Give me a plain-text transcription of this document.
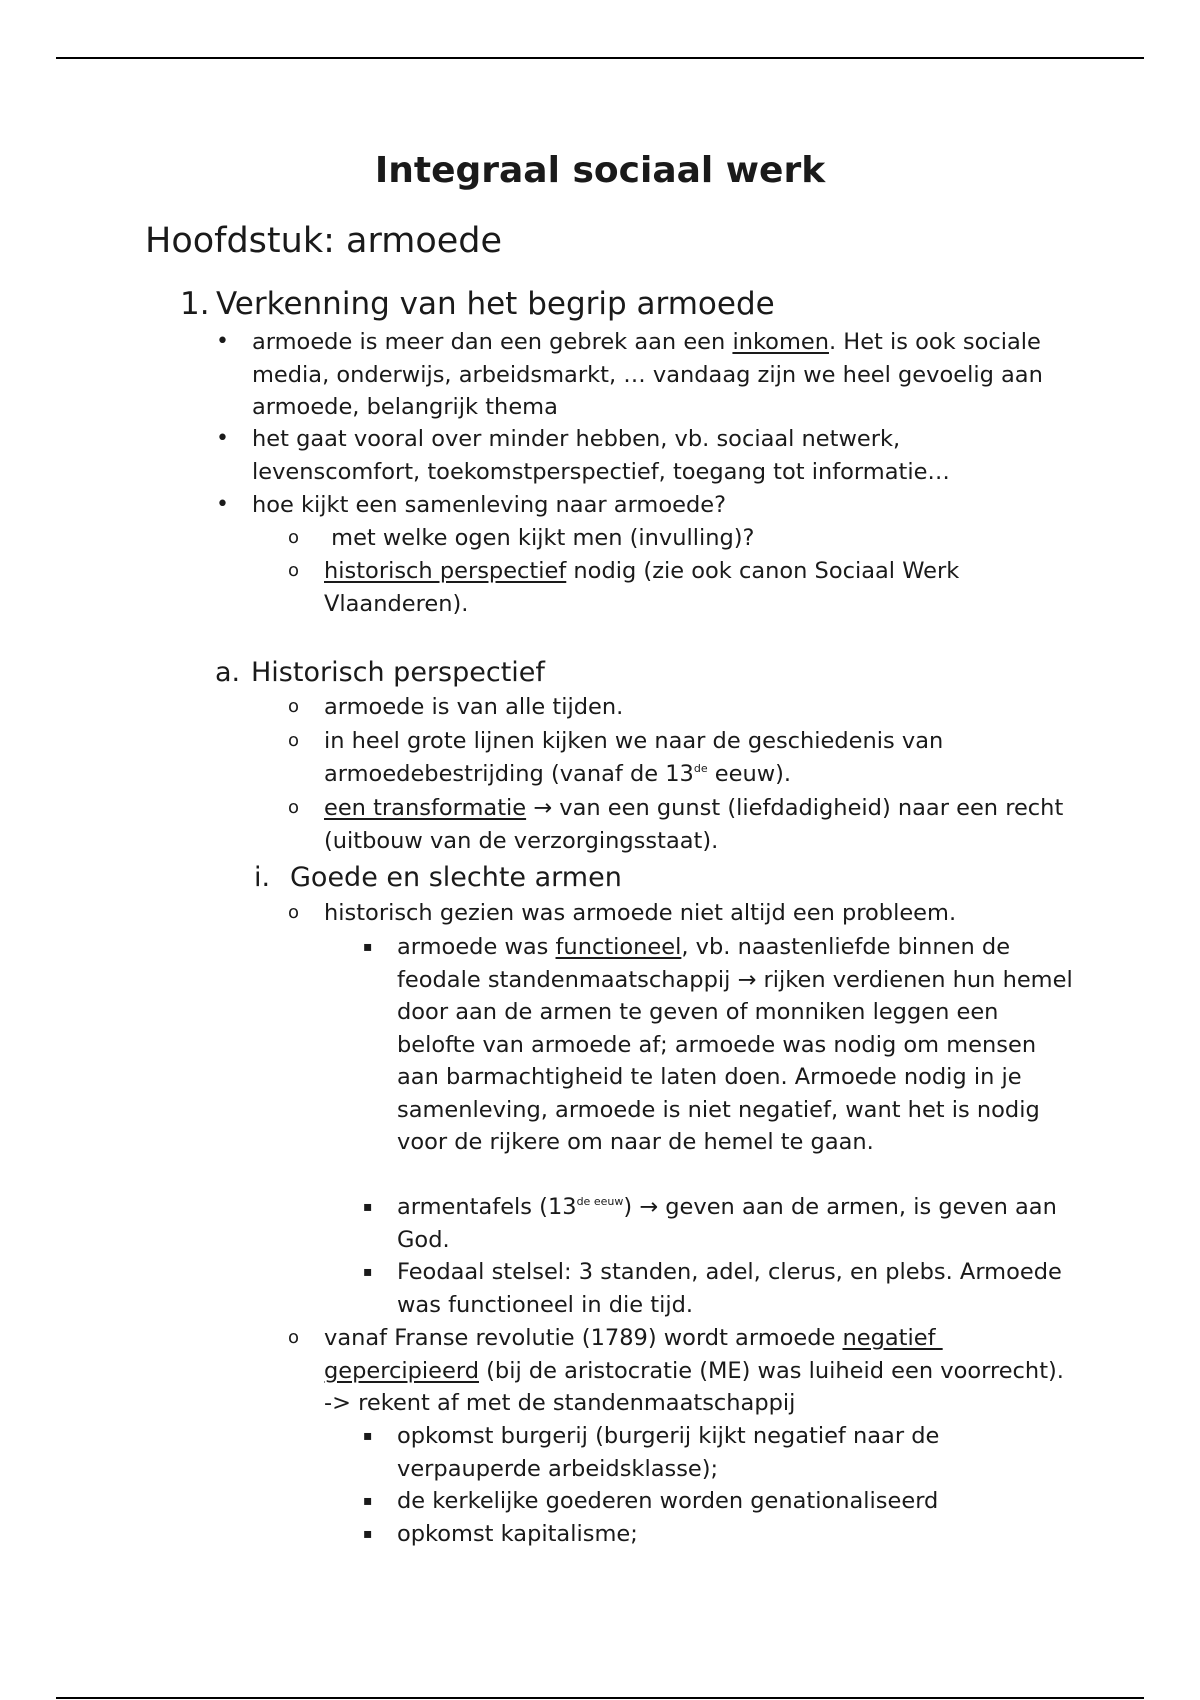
Integraal sociaal werk
Hoofdstuk: armoede
1. Verkenning van het begrip armoede
• armoede is meer dan een gebrek aan een inkomen. Het is ook sociale media, onderwijs, arbeidsmarkt, … vandaag zijn we heel gevoelig aan armoede, belangrijk thema

• het gaat vooral over minder hebben, vb. sociaal netwerk, levenscomfort, toekomstperspectief, toegang tot informatie…

• hoe kijkt een samenleving naar armoede?

o met welke ogen kijkt men (invulling)?

o historisch perspectief nodig (zie ook canon Sociaal Werk Vlaanderen).

a. Historisch perspectief
o armoede is van alle tijden.

o in heel grote lijnen kijken we naar de geschiedenis van armoedebestrijding (vanaf de 13de eeuw).

o een transformatie → van een gunst (liefdadigheid) naar een recht (uitbouw van de verzorgingsstaat).

i. Goede en slechte armen
o historisch gezien was armoede niet altijd een probleem.

▪ armoede was functioneel, vb. naastenliefde binnen de feodale standenmaatschappij → rijken verdienen hun hemel door aan de armen te geven of monniken leggen een belofte van armoede af; armoede was nodig om mensen aan barmachtigheid te laten doen. Armoede nodig in je samenleving, armoede is niet negatief, want het is nodig voor de rijkere om naar de hemel te gaan.

▪ armentafels $(13^{de eeuw})$ → geven aan de armen, is geven aan God.

▪ Feodaal stelsel: 3 standen, adel, clerus, en plebs. Armoede was functioneel in die tijd.

o vanaf Franse revolutie (1789) wordt armoede negatief gepercipieerd (bij de aristocratie (ME) was luiheid een voorrecht).   -> rekent af met de standenmaatschappij

▪ opkomst burgerij (burgerij kijkt negatief naar de verpauperde arbeidsklasse);

▪ de kerkelijke goederen worden genationaliseerd

▪ opkomst kapitalisme;
